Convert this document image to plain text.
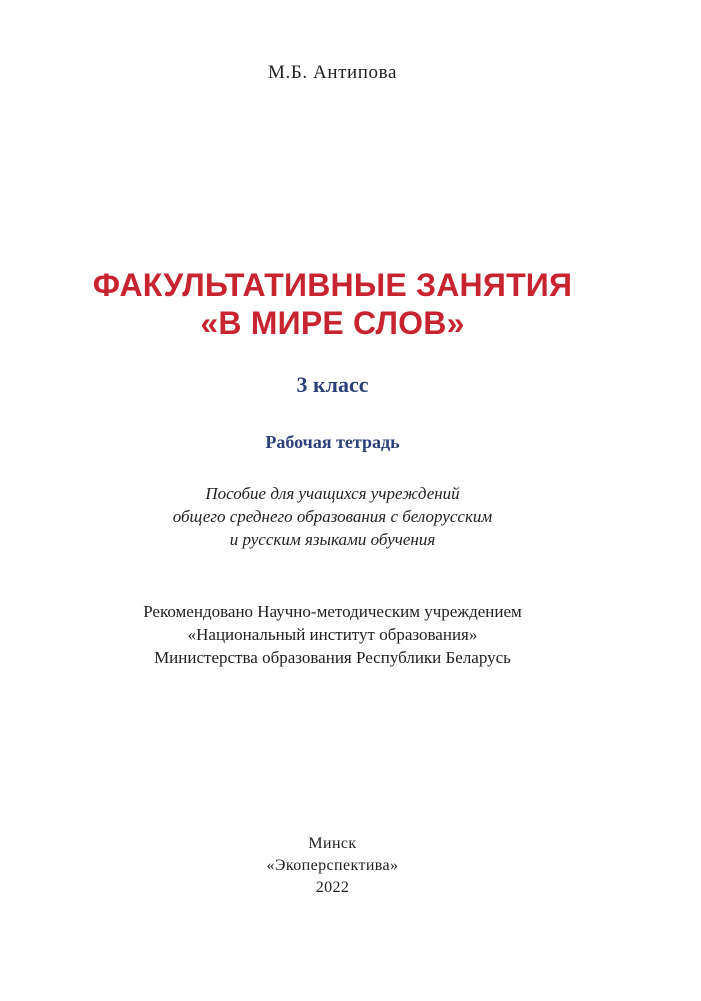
М.Б. Антипова
ФАКУЛЬТАТИВНЫЕ ЗАНЯТИЯ
«В МИРЕ СЛОВ»
3 класс
Рабочая тетрадь
Пособие для учащихся учреждений
общего среднего образования с белорусским
и русским языками обучения
Рекомендовано Научно-методическим учреждением
«Национальный институт образования»
Министерства образования Республики Беларусь
Минск
«Экоперспектива»
2022
